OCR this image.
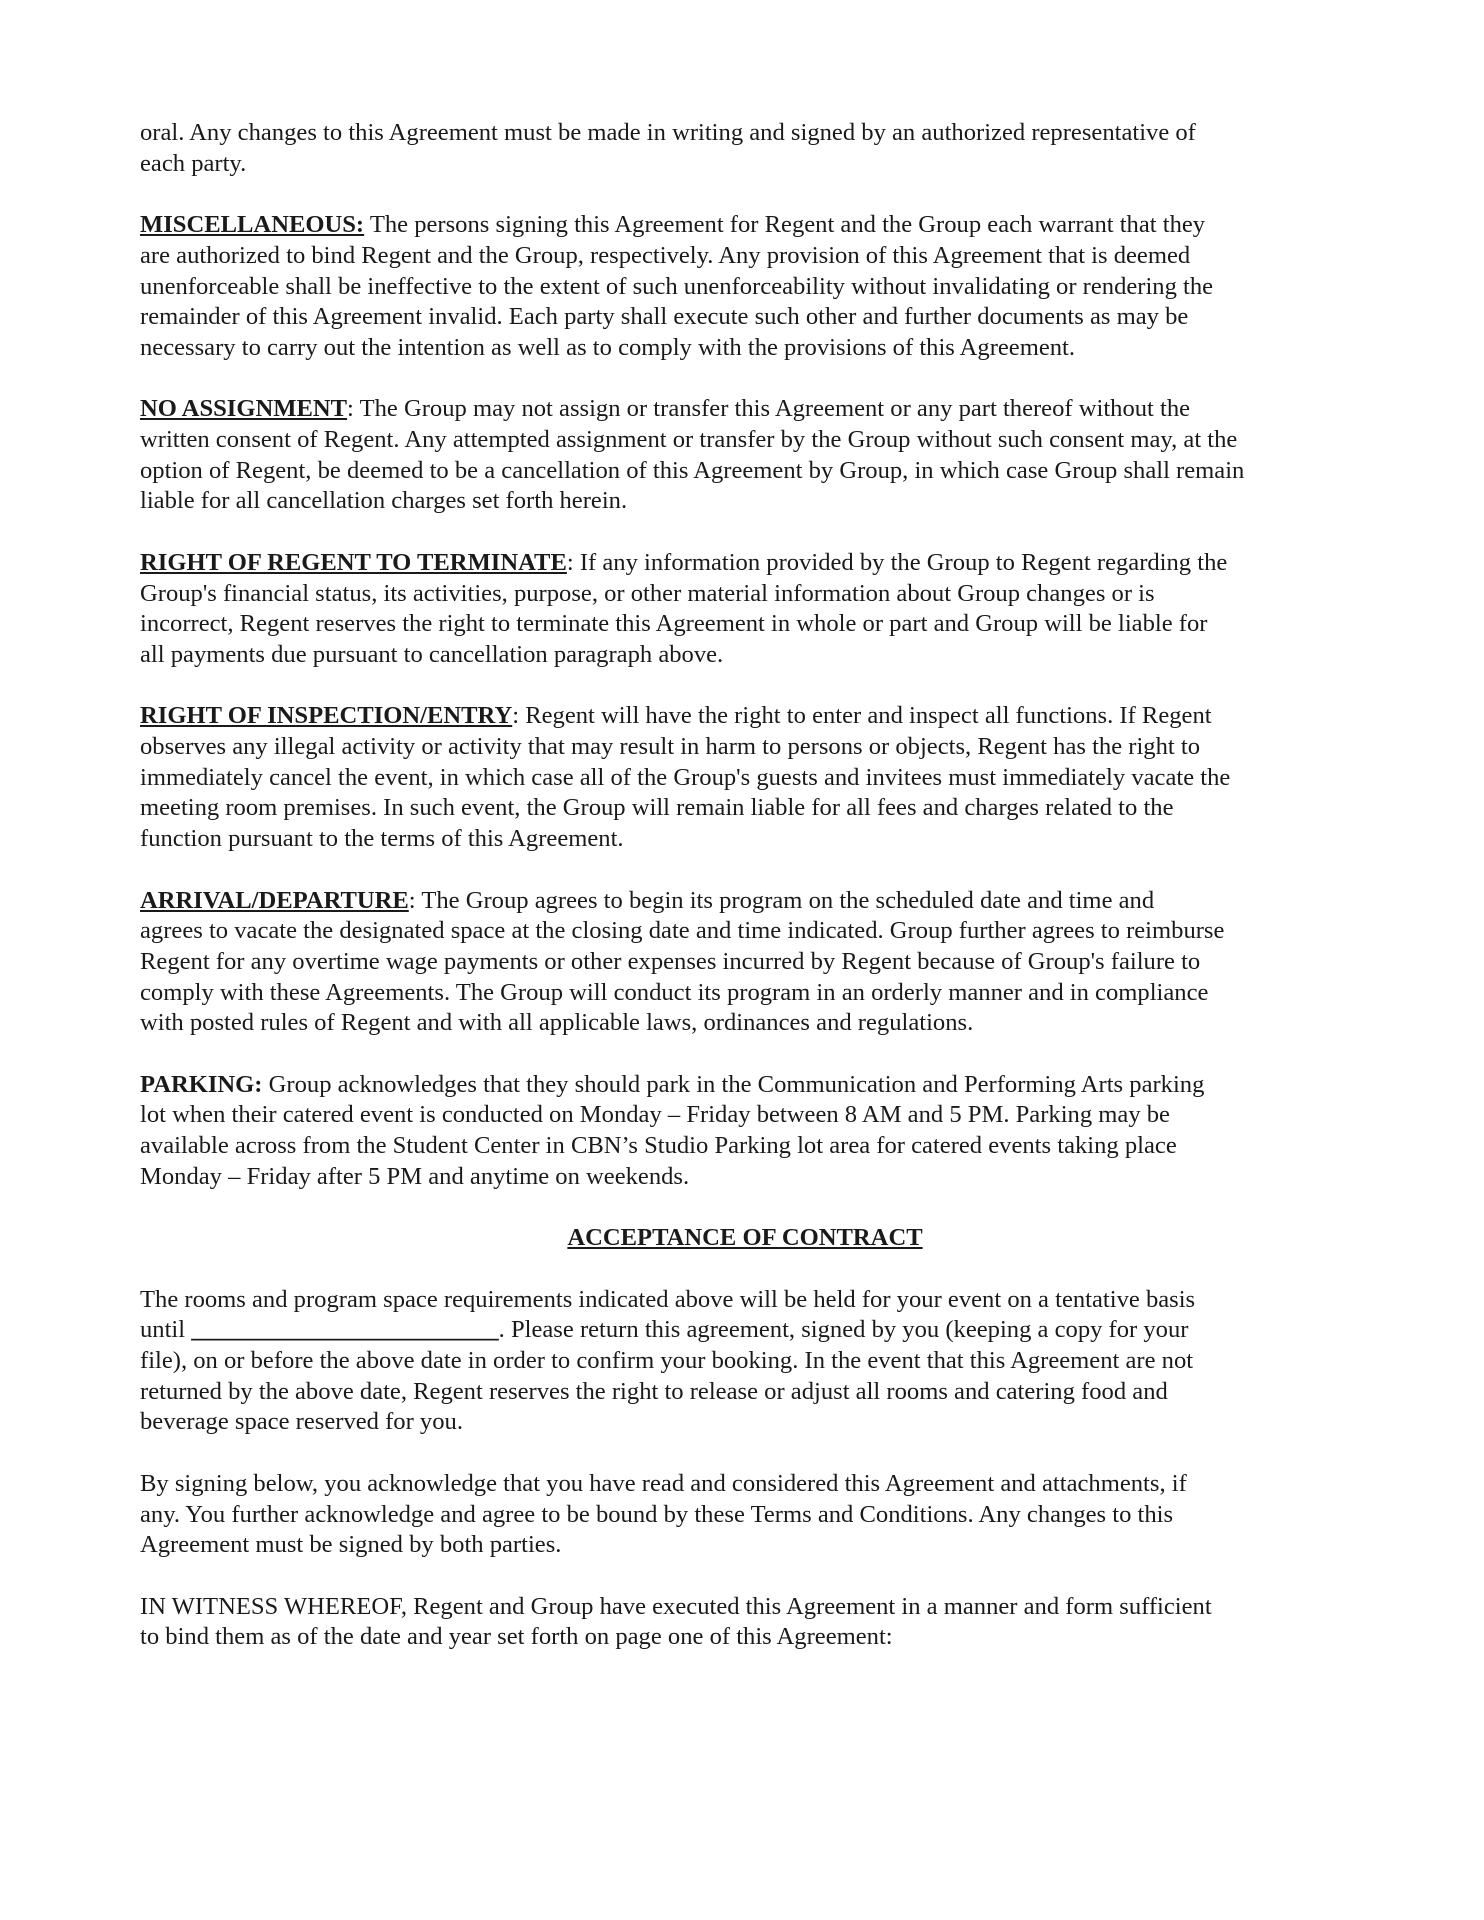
oral. Any changes to this Agreement must be made in writing and signed by an authorized representative of
each party.

MISCELLANEOUS: The persons signing this Agreement for Regent and the Group each warrant that they
are authorized to bind Regent and the Group, respectively. Any provision of this Agreement that is deemed
unenforceable shall be ineffective to the extent of such unenforceability without invalidating or rendering the
remainder of this Agreement invalid. Each party shall execute such other and further documents as may be
necessary to carry out the intention as well as to comply with the provisions of this Agreement.

NO ASSIGNMENT: The Group may not assign or transfer this Agreement or any part thereof without the
written consent of Regent. Any attempted assignment or transfer by the Group without such consent may, at the
option of Regent, be deemed to be a cancellation of this Agreement by Group, in which case Group shall remain
liable for all cancellation charges set forth herein.

RIGHT OF REGENT TO TERMINATE: If any information provided by the Group to Regent regarding the
Group's financial status, its activities, purpose, or other material information about Group changes or is
incorrect, Regent reserves the right to terminate this Agreement in whole or part and Group will be liable for
all payments due pursuant to cancellation paragraph above.

RIGHT OF INSPECTION/ENTRY: Regent will have the right to enter and inspect all functions. If Regent
observes any illegal activity or activity that may result in harm to persons or objects, Regent has the right to
immediately cancel the event, in which case all of the Group's guests and invitees must immediately vacate the
meeting room premises. In such event, the Group will remain liable for all fees and charges related to the
function pursuant to the terms of this Agreement.

ARRIVAL/DEPARTURE: The Group agrees to begin its program on the scheduled date and time and
agrees to vacate the designated space at the closing date and time indicated. Group further agrees to reimburse
Regent for any overtime wage payments or other expenses incurred by Regent because of Group's failure to
comply with these Agreements. The Group will conduct its program in an orderly manner and in compliance
with posted rules of Regent and with all applicable laws, ordinances and regulations.

PARKING: Group acknowledges that they should park in the Communication and Performing Arts parking
lot when their catered event is conducted on Monday – Friday between 8 AM and 5 PM. Parking may be
available across from the Student Center in CBN’s Studio Parking lot area for catered events taking place
Monday – Friday after 5 PM and anytime on weekends.

ACCEPTANCE OF CONTRACT

The rooms and program space requirements indicated above will be held for your event on a tentative basis
until _________________________. Please return this agreement, signed by you (keeping a copy for your
file), on or before the above date in order to confirm your booking. In the event that this Agreement are not
returned by the above date, Regent reserves the right to release or adjust all rooms and catering food and
beverage space reserved for you.

By signing below, you acknowledge that you have read and considered this Agreement and attachments, if
any. You further acknowledge and agree to be bound by these Terms and Conditions. Any changes to this
Agreement must be signed by both parties.

IN WITNESS WHEREOF, Regent and Group have executed this Agreement in a manner and form sufficient
to bind them as of the date and year set forth on page one of this Agreement:
